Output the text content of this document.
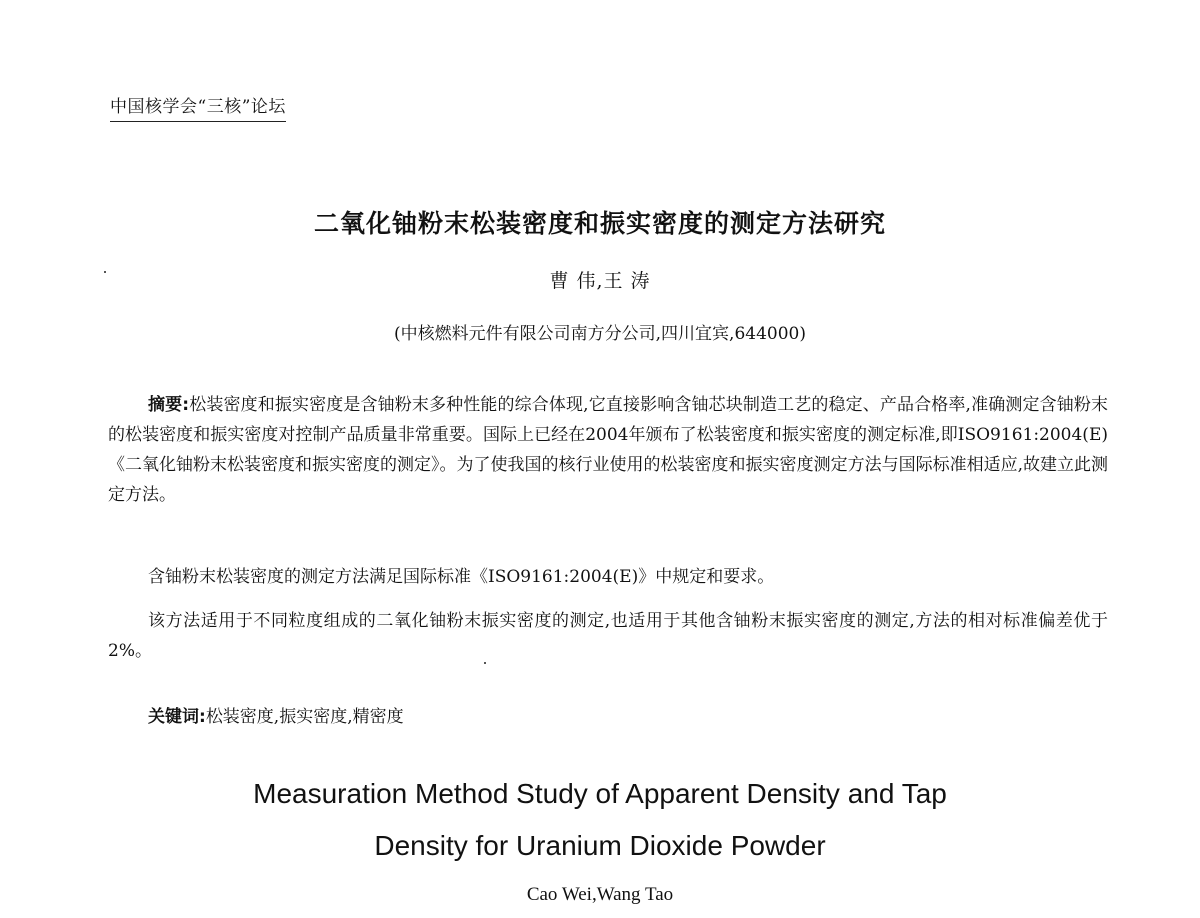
中国核学会“三核”论坛
二氧化铀粉末松装密度和振实密度的测定方法研究
曹 伟,王 涛
(中核燃料元件有限公司南方分公司,四川宜宾,644000)
摘要:松装密度和振实密度是含铀粉末多种性能的综合体现,它直接影响含铀芯块制造工艺的稳定、产品合格率,准确测定含铀粉末的松装密度和振实密度对控制产品质量非常重要。国际上已经在2004年颁布了松装密度和振实密度的测定标准,即ISO9161:2004(E)《二氧化铀粉末松装密度和振实密度的测定》。为了使我国的核行业使用的松装密度和振实密度测定方法与国际标准相适应,故建立此测定方法。
含铀粉末松装密度的测定方法满足国际标准《ISO9161:2004(E)》中规定和要求。
该方法适用于不同粒度组成的二氧化铀粉末振实密度的测定,也适用于其他含铀粉末振实密度的测定,方法的相对标准偏差优于2%。
关键词:松装密度,振实密度,精密度
Measuration Method Study of Apparent Density and Tap
Density for Uranium Dioxide Powder
Cao Wei,Wang Tao
